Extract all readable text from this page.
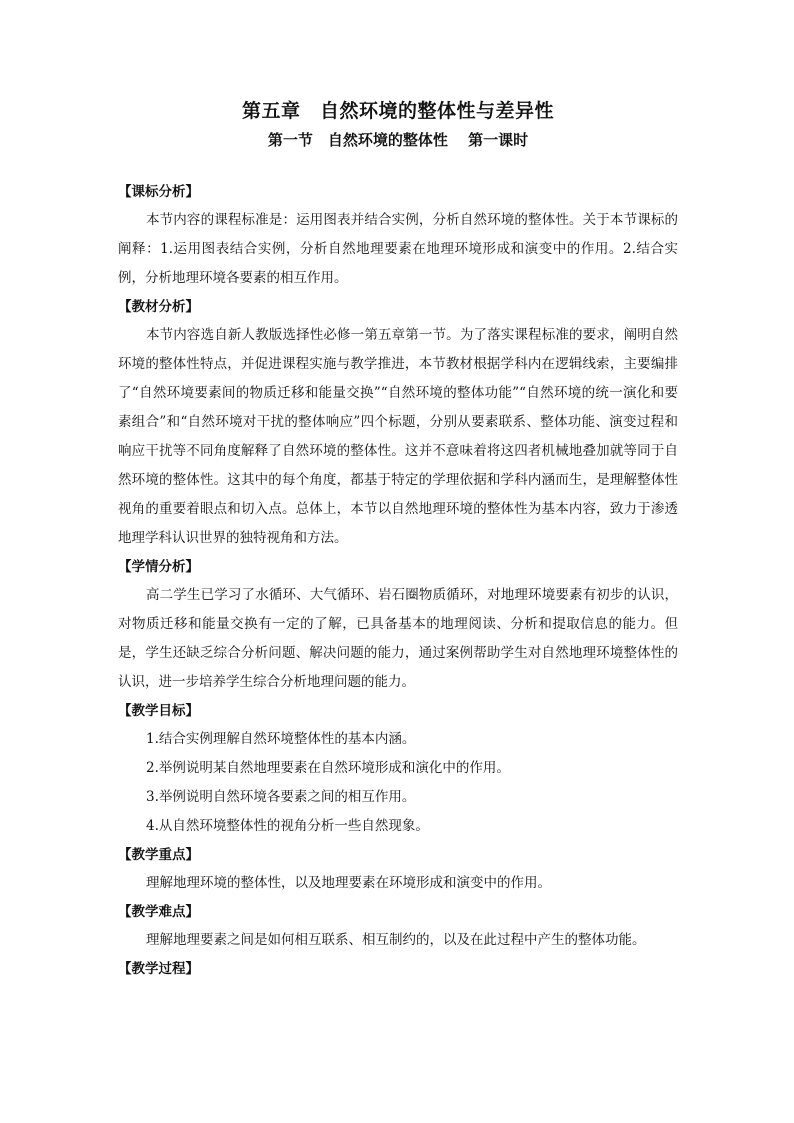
第五章　自然环境的整体性与差异性
第一节　自然环境的整体性　 第一课时

【课标分析】

本节内容的课程标准是：运用图表并结合实例，分析自然环境的整体性。关于本节课标的阐释：1.运用图表结合实例，分析自然地理要素在地理环境形成和演变中的作用。2.结合实例，分析地理环境各要素的相互作用。

【教材分析】

本节内容选自新人教版选择性必修一第五章第一节。为了落实课程标准的要求，阐明自然环境的整体性特点，并促进课程实施与教学推进，本节教材根据学科内在逻辑线索，主要编排了“自然环境要素间的物质迁移和能量交换”“自然环境的整体功能”“自然环境的统一演化和要素组合”和“自然环境对干扰的整体响应”四个标题，分别从要素联系、整体功能、演变过程和响应干扰等不同角度解释了自然环境的整体性。这并不意味着将这四者机械地叠加就等同于自然环境的整体性。这其中的每个角度，都基于特定的学理依据和学科内涵而生，是理解整体性视角的重要着眼点和切入点。总体上，本节以自然地理环境的整体性为基本内容，致力于渗透地理学科认识世界的独特视角和方法。

【学情分析】

高二学生已学习了水循环、大气循环、岩石圈物质循环，对地理环境要素有初步的认识，对物质迁移和能量交换有一定的了解，已具备基本的地理阅读、分析和提取信息的能力。但是，学生还缺乏综合分析问题、解决问题的能力，通过案例帮助学生对自然地理环境整体性的认识，进一步培养学生综合分析地理问题的能力。

【教学目标】

1.结合实例理解自然环境整体性的基本内涵。

2.举例说明某自然地理要素在自然环境形成和演化中的作用。

3.举例说明自然环境各要素之间的相互作用。

4.从自然环境整体性的视角分析一些自然现象。

【教学重点】

理解地理环境的整体性，以及地理要素在环境形成和演变中的作用。

【教学难点】

理解地理要素之间是如何相互联系、相互制约的，以及在此过程中产生的整体功能。

【教学过程】
